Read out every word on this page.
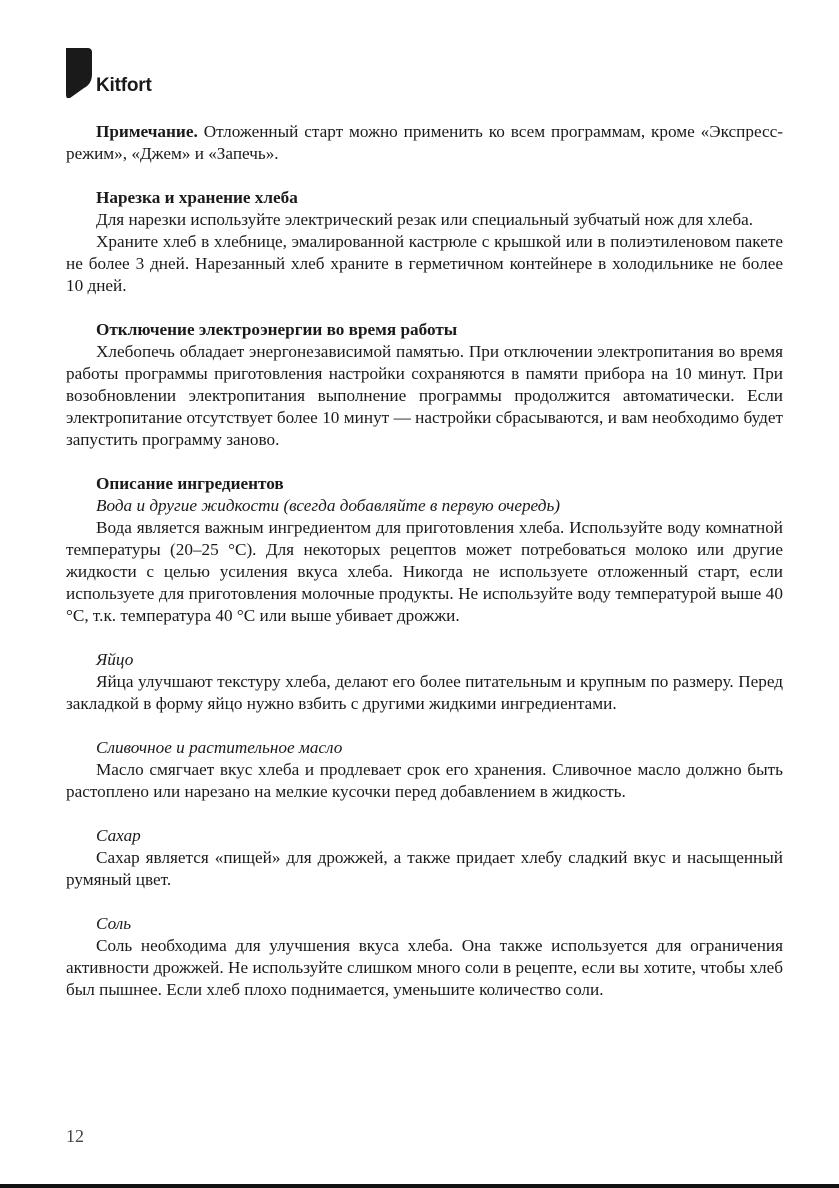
Kitfort

Примечание. Отложенный старт можно применить ко всем программам, кроме «Экспресс-режим», «Джем» и «Запечь».

Нарезка и хранение хлеба

Для нарезки используйте электрический резак или специальный зубчатый нож для хлеба.

Храните хлеб в хлебнице, эмалированной кастрюле с крышкой или в полиэтиленовом пакете не более 3 дней. Нарезанный хлеб храните в герметичном контейнере в холодильнике не более 10 дней.

Отключение электроэнергии во время работы

Хлебопечь обладает энергонезависимой памятью. При отключении электропитания во время работы программы приготовления настройки сохраняются в памяти прибора на 10 минут. При возобновлении электропитания выполнение программы продолжится автоматически. Если электропитание отсутствует более 10 минут — настройки сбрасываются, и вам необходимо будет запустить программу заново.

Описание ингредиентов
Вода и другие жидкости (всегда добавляйте в первую очередь)

Вода является важным ингредиентом для приготовления хлеба. Используйте воду комнатной температуры (20–25 °С). Для некоторых рецептов может потребоваться молоко или другие жидкости с целью усиления вкуса хлеба. Никогда не используете отложенный старт, если используете для приготовления молочные продукты. Не используйте воду температурой выше 40 °С, т.к. температура 40 °С или выше убивает дрожжи.

Яйцо

Яйца улучшают текстуру хлеба, делают его более питательным и крупным по размеру. Перед закладкой в форму яйцо нужно взбить с другими жидкими ингредиентами.

Сливочное и растительное масло

Масло смягчает вкус хлеба и продлевает срок его хранения. Сливочное масло должно быть растоплено или нарезано на мелкие кусочки перед добавлением в жидкость.

Сахар

Сахар является «пищей» для дрожжей, а также придает хлебу сладкий вкус и насыщенный румяный цвет.

Соль

Соль необходима для улучшения вкуса хлеба. Она также используется для ограничения активности дрожжей. Не используйте слишком много соли в рецепте, если вы хотите, чтобы хлеб был пышнее. Если хлеб плохо поднимается, уменьшите количество соли.

12
